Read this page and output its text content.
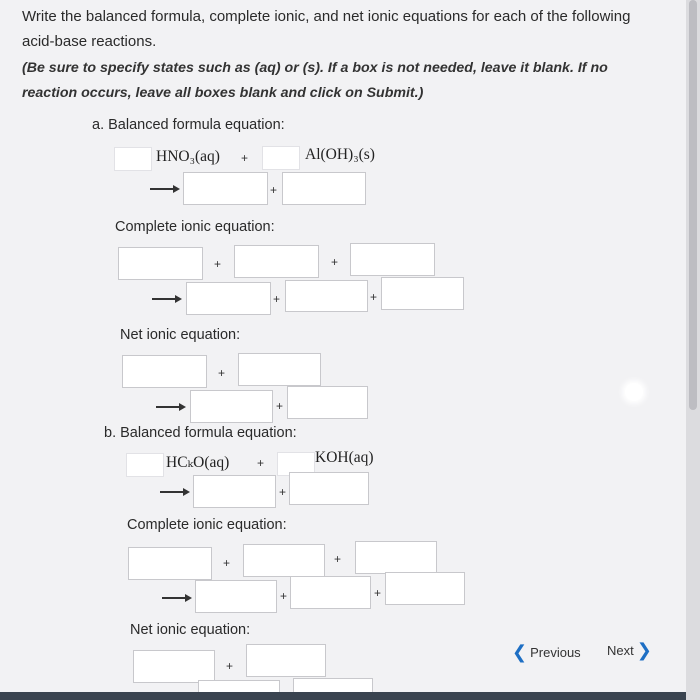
Write the balanced formula, complete ionic, and net ionic equations for each of the following
acid-base reactions.
(Be sure to specify states such as (aq) or (s). If a box is not needed, leave it blank. If no
reaction occurs, leave all boxes blank and click on Submit.)
a. Balanced formula equation:
HNO₃(aq) +	Al(OH)₃(s)
+
Complete ionic equation:
+	+
+	+
Net ionic equation:
+
+
b. Balanced formula equation:
HCₖO(aq) +	KOH(aq)
+
Complete ionic equation:
+	+
+	+
Net ionic equation:
+
❮ Previous Next ❯
